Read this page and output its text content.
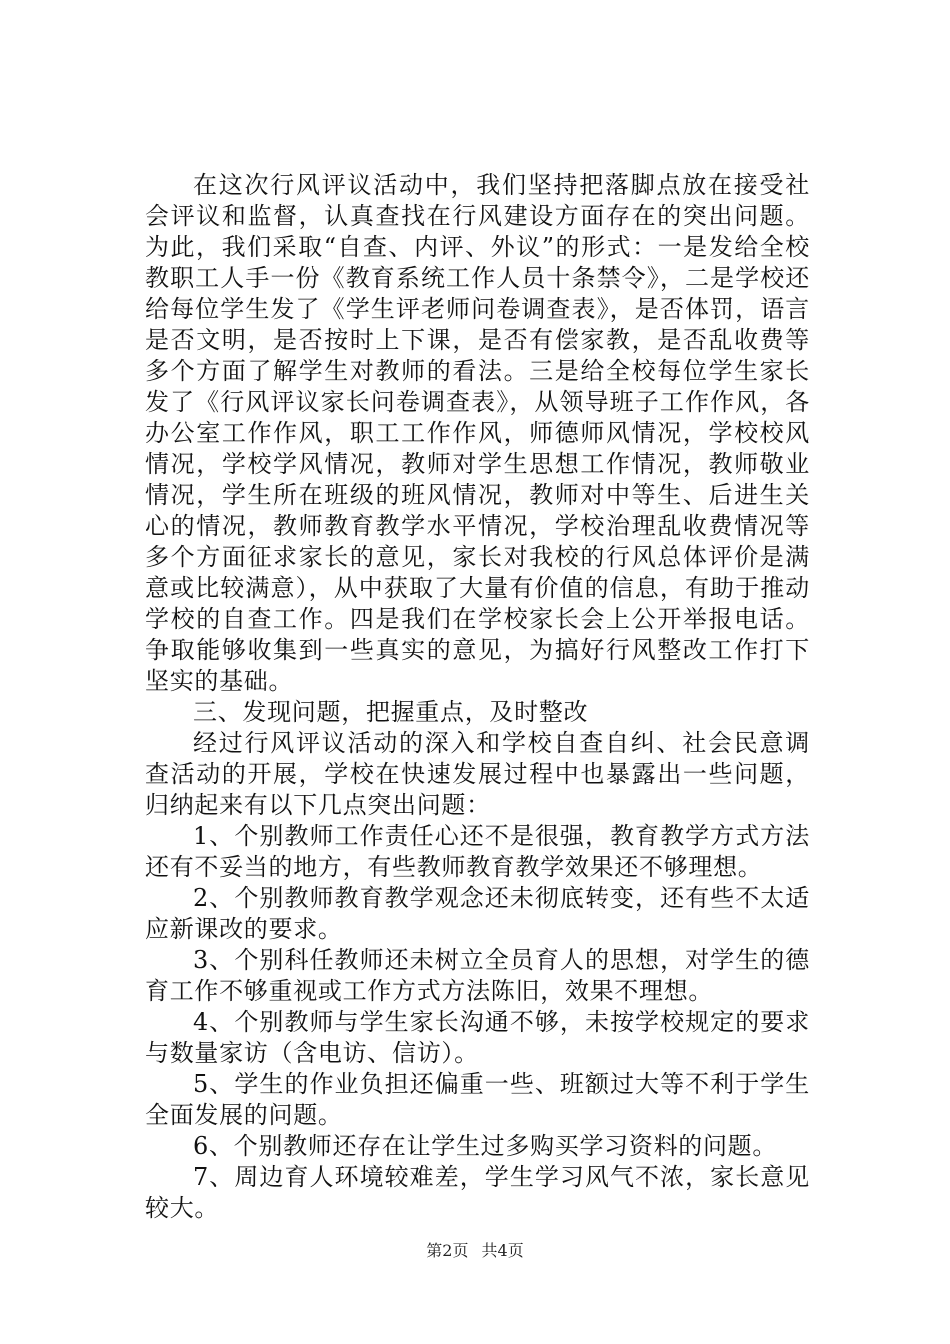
在这次行风评议活动中，我们坚持把落脚点放在接受社会评议和监督，认真查找在行风建设方面存在的突出问题。为此，我们采取“自查、内评、外议”的形式：一是发给全校教职工人手一份《教育系统工作人员十条禁令》，二是学校还给每位学生发了《学生评老师问卷调查表》，是否体罚，语言是否文明，是否按时上下课，是否有偿家教，是否乱收费等多个方面了解学生对教师的看法。三是给全校每位学生家长发了《行风评议家长问卷调查表》，从领导班子工作作风，各办公室工作作风，职工工作作风，师德师风情况，学校校风情况，学校学风情况，教师对学生思想工作情况，教师敬业情况，学生所在班级的班风情况，教师对中等生、后进生关心的情况，教师教育教学水平情况，学校治理乱收费情况等多个方面征求家长的意见，家长对我校的行风总体评价是满意或比较满意），从中获取了大量有价值的信息，有助于推动学校的自查工作。四是我们在学校家长会上公开举报电话。争取能够收集到一些真实的意见，为搞好行风整改工作打下坚实的基础。

三、发现问题，把握重点，及时整改

经过行风评议活动的深入和学校自查自纠、社会民意调查活动的开展，学校在快速发展过程中也暴露出一些问题，归纳起来有以下几点突出问题：

1、个别教师工作责任心还不是很强，教育教学方式方法还有不妥当的地方，有些教师教育教学效果还不够理想。

2、个别教师教育教学观念还未彻底转变，还有些不太适应新课改的要求。

3、个别科任教师还未树立全员育人的思想，对学生的德育工作不够重视或工作方式方法陈旧，效果不理想。

4、个别教师与学生家长沟通不够，未按学校规定的要求与数量家访（含电访、信访）。

5、学生的作业负担还偏重一些、班额过大等不利于学生全面发展的问题。

6、个别教师还存在让学生过多购买学习资料的问题。

7、周边育人环境较难差，学生学习风气不浓，家长意见较大。

第2页 共4页
